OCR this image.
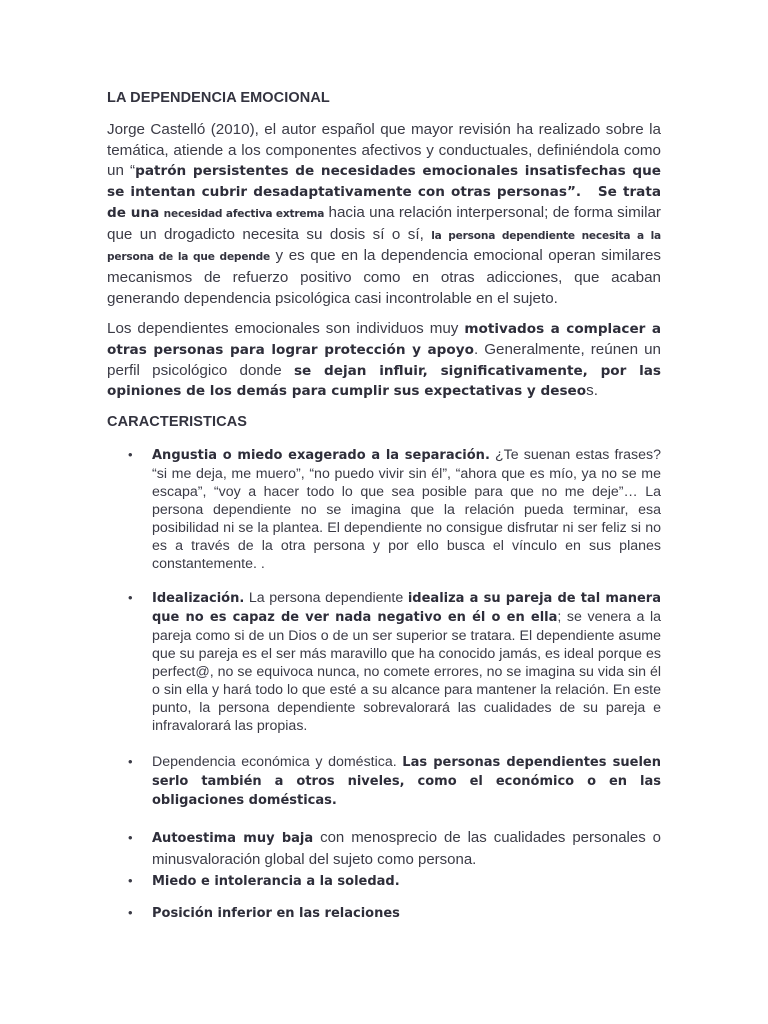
LA DEPENDENCIA EMOCIONAL

Jorge Castelló (2010), el autor español que mayor revisión ha realizado sobre la temática, atiende a los componentes afectivos y conductuales, definiéndola como un “patrón persistentes de necesidades emocionales insatisfechas que se intentan cubrir desadaptativamente con otras personas”. Se trata de una necesidad afectiva extrema hacia una relación interpersonal; de forma similar que un drogadicto necesita su dosis sí o sí, la persona dependiente necesita a la persona de la que depende y es que en la dependencia emocional operan similares mecanismos de refuerzo positivo como en otras adicciones, que acaban generando dependencia psicológica casi incontrolable en el sujeto.

Los dependientes emocionales son individuos muy motivados a complacer a otras personas para lograr protección y apoyo. Generalmente, reúnen un perfil psicológico donde se dejan influir, significativamente, por las opiniones de los demás para cumplir sus expectativas y deseos.

CARACTERISTICAS
• Angustia o miedo exagerado a la separación. ¿Te suenan estas frases? “si me deja, me muero”, “no puedo vivir sin él”, “ahora que es mío, ya no se me escapa”, “voy a hacer todo lo que sea posible para que no me deje”… La persona dependiente no se imagina que la relación pueda terminar, esa posibilidad ni se la plantea. El dependiente no consigue disfrutar ni ser feliz si no es a través de la otra persona y por ello busca el vínculo en sus planes constantemente. .
• Idealización. La persona dependiente idealiza a su pareja de tal manera que no es capaz de ver nada negativo en él o en ella; se venera a la pareja como si de un Dios o de un ser superior se tratara. El dependiente asume que su pareja es el ser más maravillo que ha conocido jamás, es ideal porque es perfect@, no se equivoca nunca, no comete errores, no se imagina su vida sin él o sin ella y hará todo lo que esté a su alcance para mantener la relación. En este punto, la persona dependiente sobrevalorará las cualidades de su pareja e infravalorará las propias.
• Dependencia económica y doméstica. Las personas dependientes suelen serlo también a otros niveles, como el económico o en las obligaciones domésticas.
• Autoestima muy baja con menosprecio de las cualidades personales o minusvaloración global del sujeto como persona.
• Miedo e intolerancia a la soledad.
• Posición inferior en las relaciones
